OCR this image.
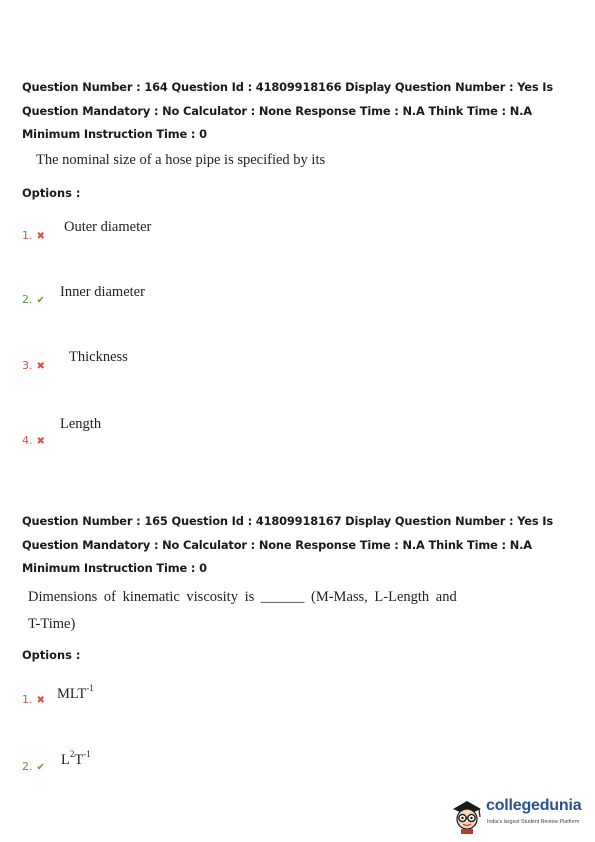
Question Number : 164 Question Id : 41809918166 Display Question Number : Yes Is Question Mandatory : No Calculator : None Response Time : N.A Think Time : N.A Minimum Instruction Time : 0
The nominal size of a hose pipe is specified by its
Options :
1. ✖
Outer diameter
2. ✔
Inner diameter
3. ✖
Thickness
4. ✖
Length
Question Number : 165 Question Id : 41809918167 Display Question Number : Yes Is Question Mandatory : No Calculator : None Response Time : N.A Think Time : N.A Minimum Instruction Time : 0
Dimensions of kinematic viscosity is ______ (M-Mass, L-Length and T-Time)
Options :
1. ✖ $MLT^{-1}$
2. ✔ $L^2T^{-1}$
collegedunia
India's largest Student Review Platform
